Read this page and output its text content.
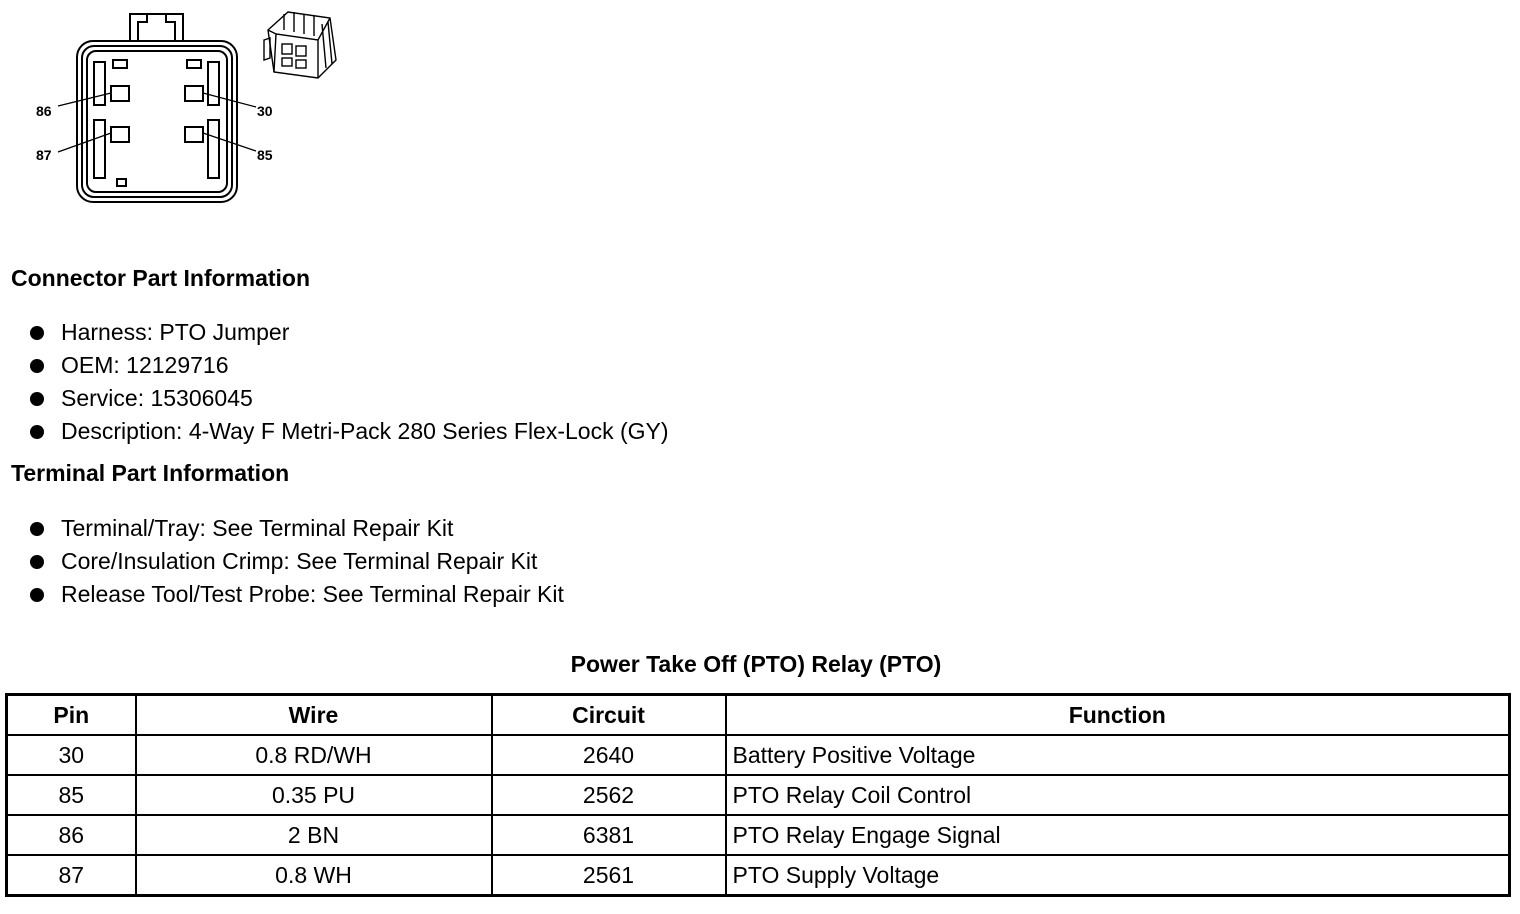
86
87
30
85
Connector Part Information
Harness: PTO Jumper
OEM: 12129716
Service: 15306045
Description: 4-Way F Metri-Pack 280 Series Flex-Lock (GY)
Terminal Part Information
Terminal/Tray: See Terminal Repair Kit
Core/Insulation Crimp: See Terminal Repair Kit
Release Tool/Test Probe: See Terminal Repair Kit
Power Take Off (PTO) Relay (PTO)
Pin	Wire	Circuit	Function
30	0.8 RD/WH	2640	Battery Positive Voltage
85	0.35 PU	2562	PTO Relay Coil Control
86	2 BN	6381	PTO Relay Engage Signal
87	0.8 WH	2561	PTO Supply Voltage
